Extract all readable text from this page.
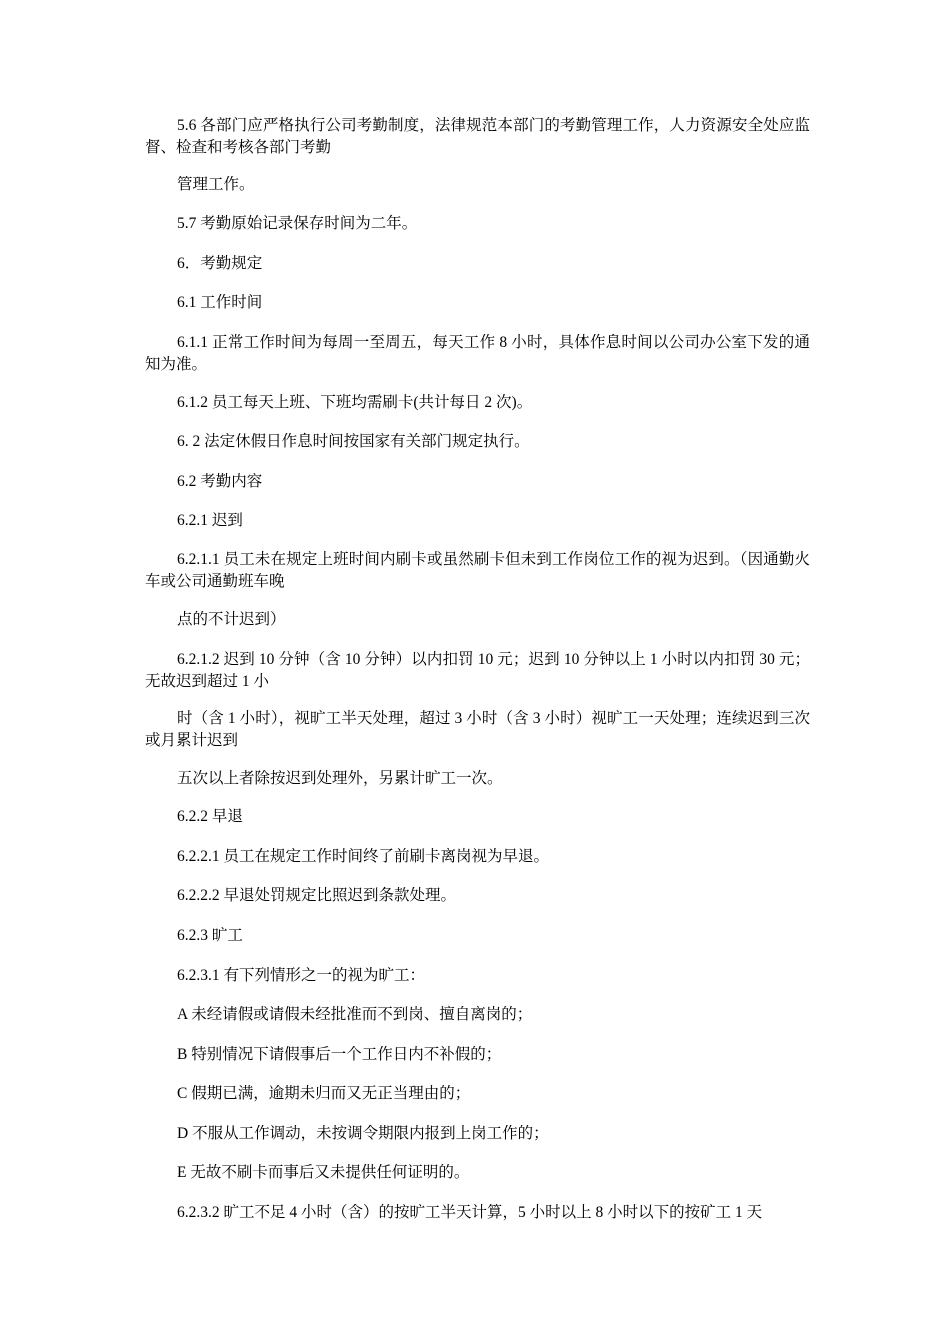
5.6 各部门应严格执行公司考勤制度，法律规范本部门的考勤管理工作，人力资源安全处应监督、检查和考核各部门考勤
管理工作。
5.7 考勤原始记录保存时间为二年。
6．考勤规定
6.1 工作时间
6.1.1 正常工作时间为每周一至周五，每天工作 8 小时，具体作息时间以公司办公室下发的通知为准。
6.1.2 员工每天上班、下班均需刷卡(共计每日 2 次)。
6. 2 法定休假日作息时间按国家有关部门规定执行。
6.2 考勤内容
6.2.1 迟到
6.2.1.1 员工未在规定上班时间内刷卡或虽然刷卡但未到工作岗位工作的视为迟到。（因通勤火车或公司通勤班车晚
点的不计迟到）
6.2.1.2 迟到 10 分钟（含 10 分钟）以内扣罚 10 元；迟到 10 分钟以上 1 小时以内扣罚 30 元；无故迟到超过 1 小
时（含 1 小时），视旷工半天处理，超过 3 小时（含 3 小时）视旷工一天处理；连续迟到三次或月累计迟到
五次以上者除按迟到处理外，另累计旷工一次。
6.2.2 早退
6.2.2.1 员工在规定工作时间终了前刷卡离岗视为早退。
6.2.2.2 早退处罚规定比照迟到条款处理。
6.2.3 旷工
6.2.3.1 有下列情形之一的视为旷工：
A 未经请假或请假未经批准而不到岗、擅自离岗的；
B 特别情况下请假事后一个工作日内不补假的；
C 假期已满，逾期未归而又无正当理由的；
D 不服从工作调动，未按调令期限内报到上岗工作的；
E 无故不刷卡而事后又未提供任何证明的。
6.2.3.2 旷工不足 4 小时（含）的按旷工半天计算，5 小时以上 8 小时以下的按矿工 1 天
